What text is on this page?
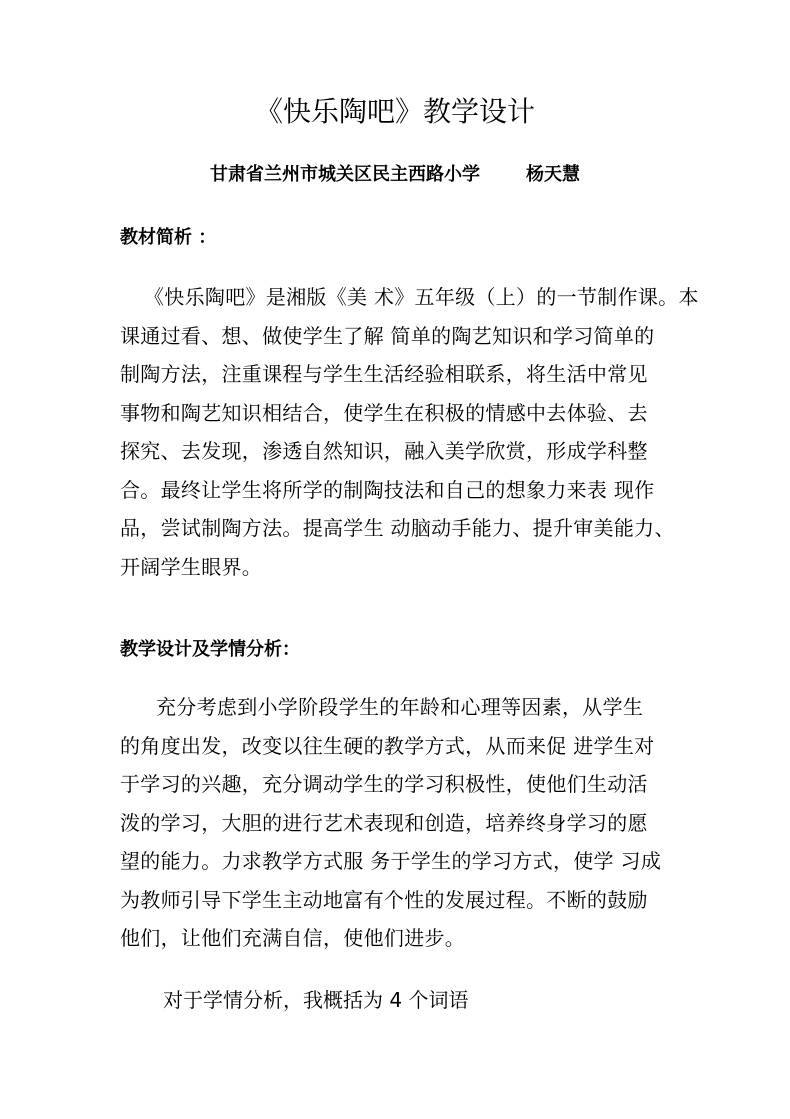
《快乐陶吧》教学设计
甘肃省兰州市城关区民主西路小学	杨天慧
教材简析 ：
《快乐陶吧》是湘版《美 术》五年级（上）的一节制作课。本
课通过看、想、做使学生了解 简单的陶艺知识和学习简单的
制陶方法，注重课程与学生生活经验相联系，将生活中常见
事物和陶艺知识相结合，使学生在积极的情感中去体验、去
探究、去发现，渗透自然知识，融入美学欣赏，形成学科整
合。最终让学生将所学的制陶技法和自己的想象力来表 现作
品，尝试制陶方法。提高学生 动脑动手能力、提升审美能力、
开阔学生眼界。
教学设计及学情分析：
充分考虑到小学阶段学生的年龄和心理等因素，从学生
的角度出发，改变以往生硬的教学方式，从而来促 进学生对
于学习的兴趣，充分调动学生的学习积极性，使他们生动活
泼的学习，大胆的进行艺术表现和创造，培养终身学习的愿
望的能力。力求教学方式服 务于学生的学习方式，使学 习成
为教师引导下学生主动地富有个性的发展过程。不断的鼓励
他们，让他们充满自信，使他们进步。
对于学情分析，我概括为 4 个词语
